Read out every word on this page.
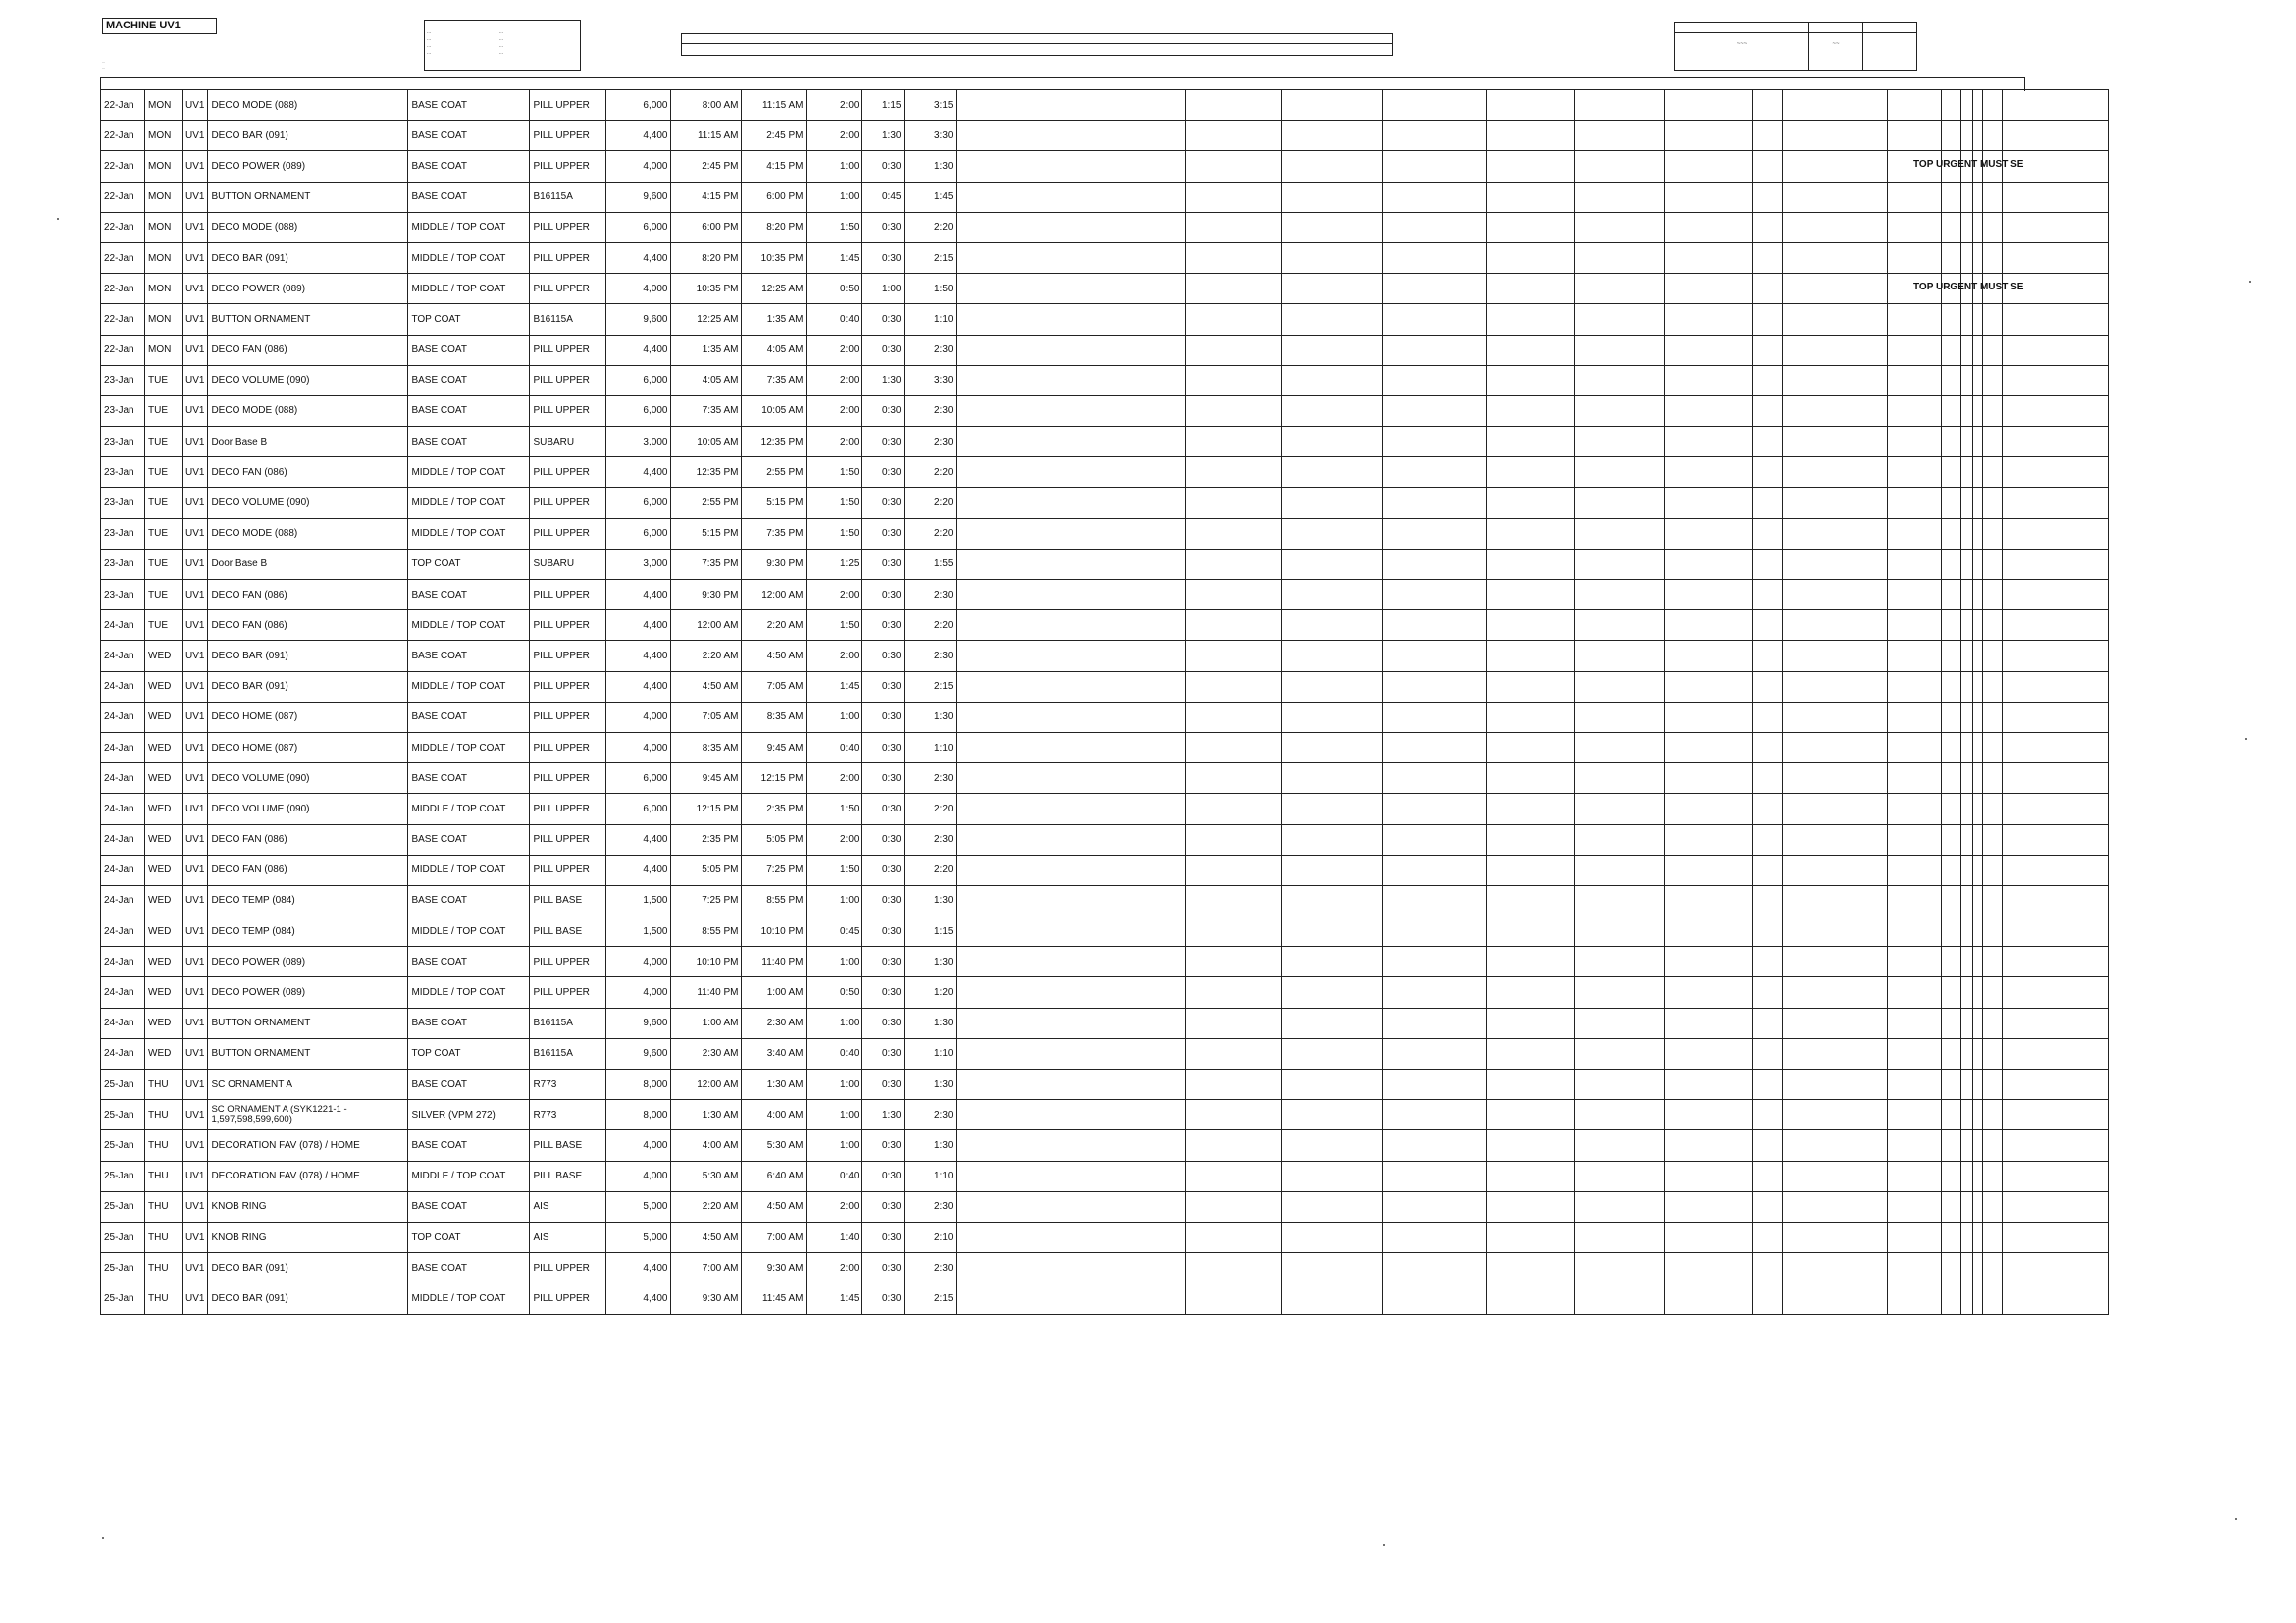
MACHINE UV1	...
...
...
...
......
...
...
...
...

~~~
	~~

...
...
22-Jan	MON	UV1	DECO MODE (088)	BASE COAT	PILL UPPER	6,000	8:00 AM	11:15 AM	2:00	1:15	3:15															
22-Jan	MON	UV1	DECO BAR (091)	BASE COAT	PILL UPPER	4,400	11:15 AM	2:45 PM	2:00	1:30	3:30															
22-Jan	MON	UV1	DECO POWER (089)	BASE COAT	PILL UPPER	4,000	2:45 PM	4:15 PM	1:00	0:30	1:30															
22-Jan	MON	UV1	BUTTON ORNAMENT	BASE COAT	B16115A	9,600	4:15 PM	6:00 PM	1:00	0:45	1:45															
22-Jan	MON	UV1	DECO MODE (088)	MIDDLE / TOP COAT	PILL UPPER	6,000	6:00 PM	8:20 PM	1:50	0:30	2:20															
22-Jan	MON	UV1	DECO BAR (091)	MIDDLE / TOP COAT	PILL UPPER	4,400	8:20 PM	10:35 PM	1:45	0:30	2:15															
22-Jan	MON	UV1	DECO POWER (089)	MIDDLE / TOP COAT	PILL UPPER	4,000	10:35 PM	12:25 AM	0:50	1:00	1:50															
22-Jan	MON	UV1	BUTTON ORNAMENT	TOP COAT	B16115A	9,600	12:25 AM	1:35 AM	0:40	0:30	1:10															
22-Jan	MON	UV1	DECO FAN (086)	BASE COAT	PILL UPPER	4,400	1:35 AM	4:05 AM	2:00	0:30	2:30															
23-Jan	TUE	UV1	DECO VOLUME (090)	BASE COAT	PILL UPPER	6,000	4:05 AM	7:35 AM	2:00	1:30	3:30															
23-Jan	TUE	UV1	DECO MODE (088)	BASE COAT	PILL UPPER	6,000	7:35 AM	10:05 AM	2:00	0:30	2:30															
23-Jan	TUE	UV1	Door Base B	BASE COAT	SUBARU	3,000	10:05 AM	12:35 PM	2:00	0:30	2:30															
23-Jan	TUE	UV1	DECO FAN (086)	MIDDLE / TOP COAT	PILL UPPER	4,400	12:35 PM	2:55 PM	1:50	0:30	2:20															
23-Jan	TUE	UV1	DECO VOLUME (090)	MIDDLE / TOP COAT	PILL UPPER	6,000	2:55 PM	5:15 PM	1:50	0:30	2:20															
23-Jan	TUE	UV1	DECO MODE (088)	MIDDLE / TOP COAT	PILL UPPER	6,000	5:15 PM	7:35 PM	1:50	0:30	2:20															
23-Jan	TUE	UV1	Door Base B	TOP COAT	SUBARU	3,000	7:35 PM	9:30 PM	1:25	0:30	1:55															
23-Jan	TUE	UV1	DECO FAN (086)	BASE COAT	PILL UPPER	4,400	9:30 PM	12:00 AM	2:00	0:30	2:30															
24-Jan	TUE	UV1	DECO FAN (086)	MIDDLE / TOP COAT	PILL UPPER	4,400	12:00 AM	2:20 AM	1:50	0:30	2:20															
24-Jan	WED	UV1	DECO BAR (091)	BASE COAT	PILL UPPER	4,400	2:20 AM	4:50 AM	2:00	0:30	2:30															
24-Jan	WED	UV1	DECO BAR (091)	MIDDLE / TOP COAT	PILL UPPER	4,400	4:50 AM	7:05 AM	1:45	0:30	2:15															
24-Jan	WED	UV1	DECO HOME (087)	BASE COAT	PILL UPPER	4,000	7:05 AM	8:35 AM	1:00	0:30	1:30															
24-Jan	WED	UV1	DECO HOME (087)	MIDDLE / TOP COAT	PILL UPPER	4,000	8:35 AM	9:45 AM	0:40	0:30	1:10															
24-Jan	WED	UV1	DECO VOLUME (090)	BASE COAT	PILL UPPER	6,000	9:45 AM	12:15 PM	2:00	0:30	2:30															
24-Jan	WED	UV1	DECO VOLUME (090)	MIDDLE / TOP COAT	PILL UPPER	6,000	12:15 PM	2:35 PM	1:50	0:30	2:20															
24-Jan	WED	UV1	DECO FAN (086)	BASE COAT	PILL UPPER	4,400	2:35 PM	5:05 PM	2:00	0:30	2:30															
24-Jan	WED	UV1	DECO FAN (086)	MIDDLE / TOP COAT	PILL UPPER	4,400	5:05 PM	7:25 PM	1:50	0:30	2:20															
24-Jan	WED	UV1	DECO TEMP (084)	BASE COAT	PILL BASE	1,500	7:25 PM	8:55 PM	1:00	0:30	1:30															
24-Jan	WED	UV1	DECO TEMP (084)	MIDDLE / TOP COAT	PILL BASE	1,500	8:55 PM	10:10 PM	0:45	0:30	1:15															
24-Jan	WED	UV1	DECO POWER (089)	BASE COAT	PILL UPPER	4,000	10:10 PM	11:40 PM	1:00	0:30	1:30															
24-Jan	WED	UV1	DECO POWER (089)	MIDDLE / TOP COAT	PILL UPPER	4,000	11:40 PM	1:00 AM	0:50	0:30	1:20															
24-Jan	WED	UV1	BUTTON ORNAMENT	BASE COAT	B16115A	9,600	1:00 AM	2:30 AM	1:00	0:30	1:30															
24-Jan	WED	UV1	BUTTON ORNAMENT	TOP COAT	B16115A	9,600	2:30 AM	3:40 AM	0:40	0:30	1:10															
25-Jan	THU	UV1	SC ORNAMENT A	BASE COAT	R773	8,000	12:00 AM	1:30 AM	1:00	0:30	1:30															
25-Jan	THU	UV1	SC ORNAMENT A (SYK1221-1 - 1,597,598,599,600)	SILVER (VPM 272)	R773	8,000	1:30 AM	4:00 AM	1:00	1:30	2:30															
25-Jan	THU	UV1	DECORATION FAV (078) / HOME	BASE COAT	PILL BASE	4,000	4:00 AM	5:30 AM	1:00	0:30	1:30															
25-Jan	THU	UV1	DECORATION FAV (078) / HOME	MIDDLE / TOP COAT	PILL BASE	4,000	5:30 AM	6:40 AM	0:40	0:30	1:10															
25-Jan	THU	UV1	KNOB RING	BASE COAT	AIS	5,000	2:20 AM	4:50 AM	2:00	0:30	2:30															
25-Jan	THU	UV1	KNOB RING	TOP COAT	AIS	5,000	4:50 AM	7:00 AM	1:40	0:30	2:10															
25-Jan	THU	UV1	DECO BAR (091)	BASE COAT	PILL UPPER	4,400	7:00 AM	9:30 AM	2:00	0:30	2:30															
25-Jan	THU	UV1	DECO BAR (091)	MIDDLE / TOP COAT	PILL UPPER	4,400	9:30 AM	11:45 AM	1:45	0:30	2:15															
TOP URGENT MUST SE
TOP URGENT MUST SE
